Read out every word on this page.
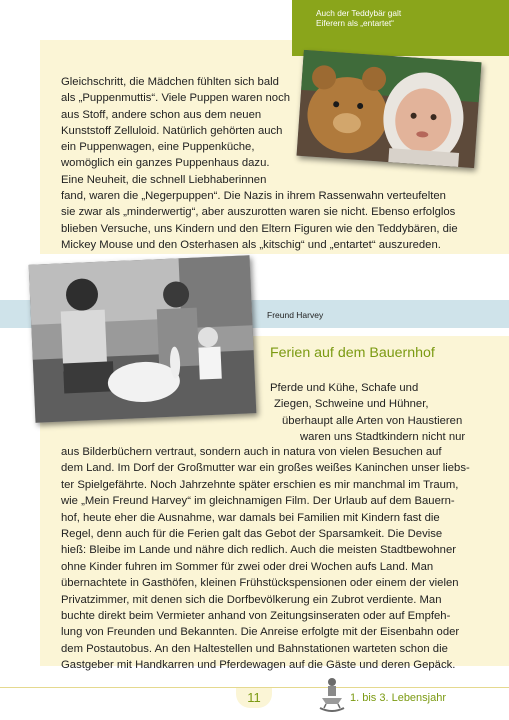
Auch der Teddybär galt
Eiferern als „entartet“

Gleichschritt, die Mädchen fühlten sich bald
als „Puppenmuttis“. Viele Puppen waren noch
aus Stoff, andere schon aus dem neuen
Kunststoff Zelluloid. Natürlich gehörten auch
ein Puppenwagen, eine Puppenküche,
womöglich ein ganzes Puppenhaus dazu.
Eine Neuheit, die schnell Liebhaberinnen
fand, waren die „Negerpuppen“. Die Nazis in ihrem Rassenwahn verteufelten
sie zwar als „minderwertig“, aber auszurotten waren sie nicht. Ebenso erfolglos
blieben Versuche, uns Kindern und den Eltern Figuren wie den Teddybären, die
Mickey Mouse und den Osterhasen als „kitschig“ und „entartet“ auszureden.

Freund Harvey
Ferien auf dem Bauernhof

Pferde und Kühe, Schafe und
Ziegen, Schweine und Hühner,
überhaupt alle Arten von Haustieren
waren uns Stadtkindern nicht nur

aus Bilderbüchern vertraut, sondern auch in natura von vielen Besuchen auf
dem Land. Im Dorf der Großmutter war ein großes weißes Kaninchen unser liebs-
ter Spielgefährte. Noch Jahrzehnte später erschien es mir manchmal im Traum,
wie „Mein Freund Harvey“ im gleichnamigen Film. Der Urlaub auf dem Bauern-
hof, heute eher die Ausnahme, war damals bei Familien mit Kindern fast die
Regel, denn auch für die Ferien galt das Gebot der Sparsamkeit. Die Devise
hieß: Bleibe im Lande und nähre dich redlich. Auch die meisten Stadtbewohner
ohne Kinder fuhren im Sommer für zwei oder drei Wochen aufs Land. Man
übernachtete in Gasthöfen, kleinen Frühstückspensionen oder einem der vielen
Privatzimmer, mit denen sich die Dorfbevölkerung ein Zubrot verdiente. Man
buchte direkt beim Vermieter anhand von Zeitungsinseraten oder auf Empfeh-
lung von Freunden und Bekannten. Die Anreise erfolgte mit der Eisenbahn oder
dem Postautobus. An den Haltestellen und Bahnstationen warteten schon die
Gastgeber mit Handkarren und Pferdewagen auf die Gäste und deren Gepäck.

11	1. bis 3. Lebensjahr
